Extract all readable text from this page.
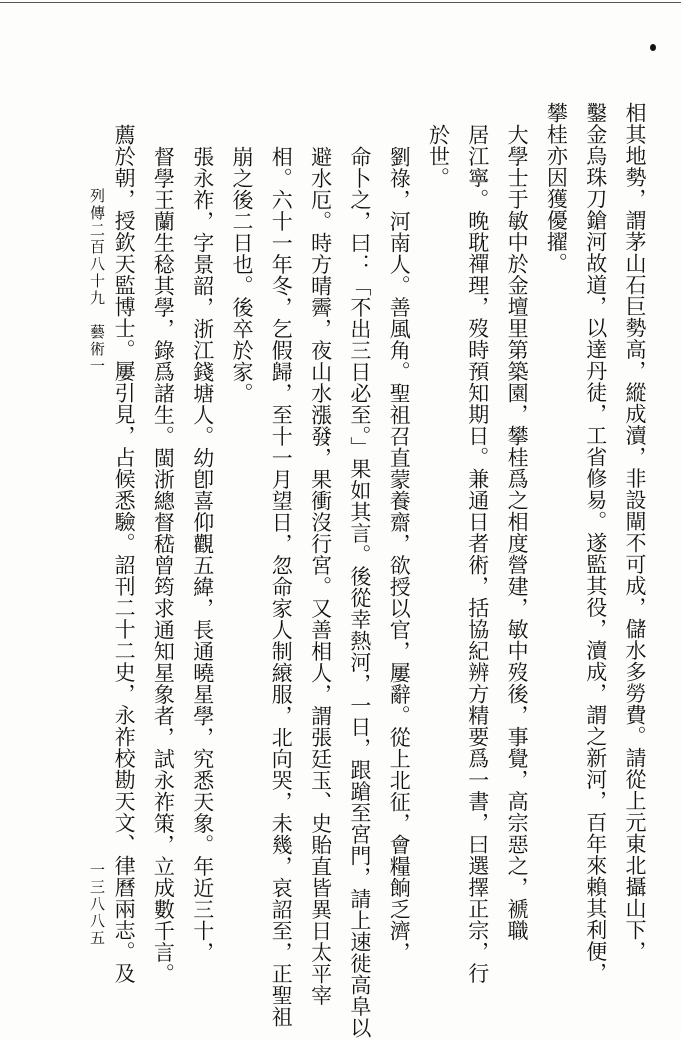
相其地勢，謂茅山石巨勢高，縱成瀆，非設閘不可成，儲水多勞費。請從上元東北攝山下，
鑿金烏珠刀鎗河故道，以達丹徒，工省修易。遂監其役，瀆成，謂之新河，百年來賴其利便，
攀桂亦因獲優擢。
大學士于敏中於金壇里第築園，攀桂爲之相度營建，敏中歿後，事覺，高宗惡之，褫職
居江寧。晚耽禪理，歿時預知期日。兼通日者術，括協紀辨方精要爲一書，曰選擇正宗，行
於世。
劉祿，河南人。善風角。聖祖召直蒙養齋，欲授以官，屢辭。從上北征，會糧餉乏濟，
命卜之，曰：「不出三日必至。」果如其言。後從幸熱河，一日，跟蹌至宮門，請上速徙高阜以
避水厄。時方晴霽，夜山水漲發，果衝沒行宮。又善相人，謂張廷玉、史貽直皆異日太平宰
相。六十一年冬，乞假歸，至十一月望日，忽命家人制縗服，北向哭，未幾，哀詔至，正聖祖
崩之後二日也。後卒於家。
張永祚，字景韶，浙江錢塘人。幼卽喜仰觀五緯，長通曉星學，究悉天象。年近三十，
督學王蘭生稔其學，錄爲諸生。閩浙總督嵇曾筠求通知星象者，試永祚策，立成數千言。
薦於朝，授欽天監博士。屢引見，占候悉驗。詔刊二十二史，永祚校勘天文、律曆兩志。及
列傳二百八十九　藝術一
一三八八五
